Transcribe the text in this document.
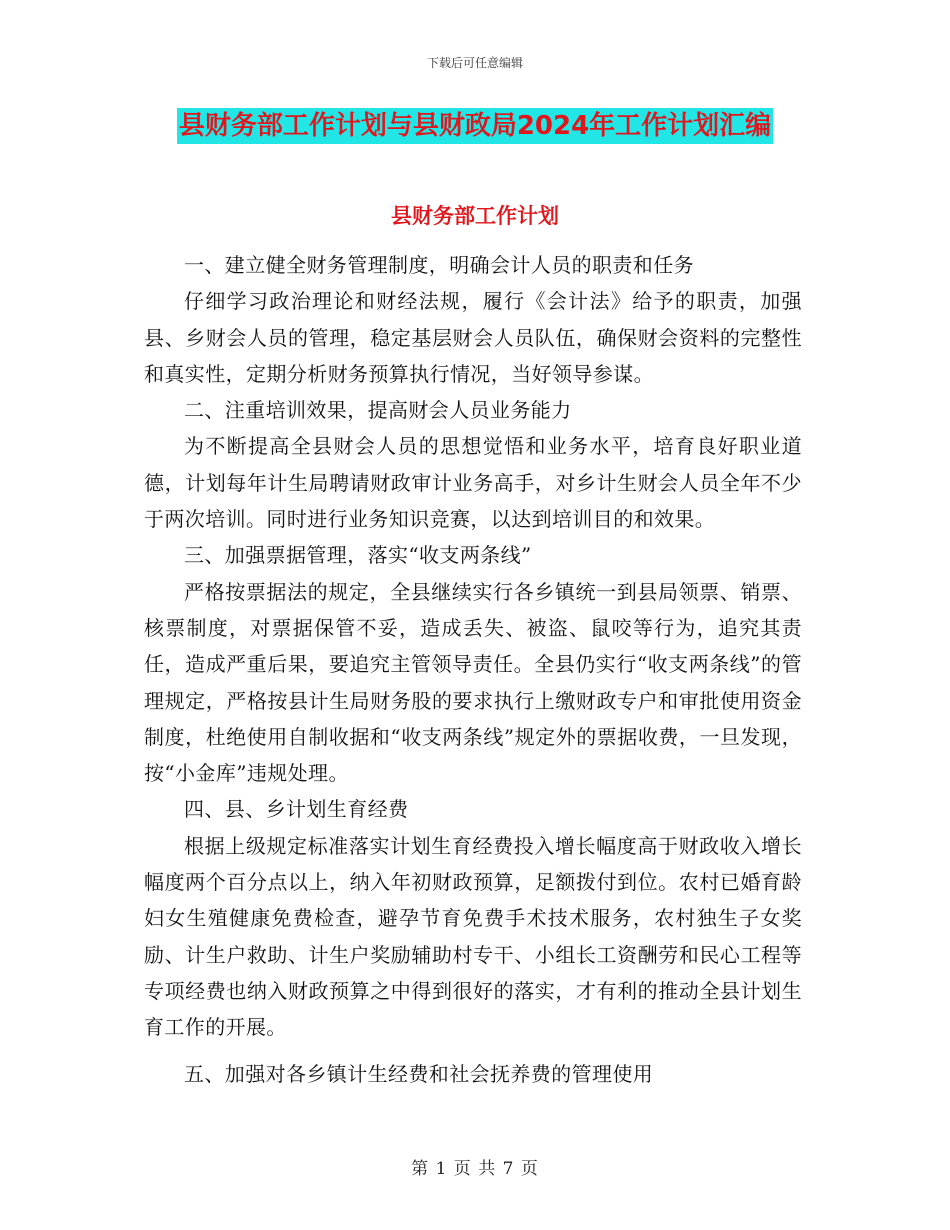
下载后可任意编辑
县财务部工作计划与县财政局2024年工作计划汇编
县财务部工作计划

一、建立健全财务管理制度，明确会计人员的职责和任务

仔细学习政治理论和财经法规，履行《会计法》给予的职责，加强县、乡财会人员的管理，稳定基层财会人员队伍，确保财会资料的完整性和真实性，定期分析财务预算执行情况，当好领导参谋。

二、注重培训效果，提高财会人员业务能力

为不断提高全县财会人员的思想觉悟和业务水平，培育良好职业道德，计划每年计生局聘请财政审计业务高手，对乡计生财会人员全年不少于两次培训。同时进行业务知识竞赛，以达到培训目的和效果。

三、加强票据管理，落实“收支两条线”

严格按票据法的规定，全县继续实行各乡镇统一到县局领票、销票、核票制度，对票据保管不妥，造成丢失、被盗、鼠咬等行为，追究其责任，造成严重后果，要追究主管领导责任。全县仍实行“收支两条线”的管理规定，严格按县计生局财务股的要求执行上缴财政专户和审批使用资金制度，杜绝使用自制收据和“收支两条线”规定外的票据收费，一旦发现，按“小金库”违规处理。

四、县、乡计划生育经费

根据上级规定标准落实计划生育经费投入增长幅度高于财政收入增长幅度两个百分点以上，纳入年初财政预算，足额拨付到位。农村已婚育龄妇女生殖健康免费检查，避孕节育免费手术技术服务，农村独生子女奖励、计生户救助、计生户奖励辅助村专干、小组长工资酬劳和民心工程等专项经费也纳入财政预算之中得到很好的落实，才有利的推动全县计划生育工作的开展。

五、加强对各乡镇计生经费和社会抚养费的管理使用

第 1 页 共 7 页
